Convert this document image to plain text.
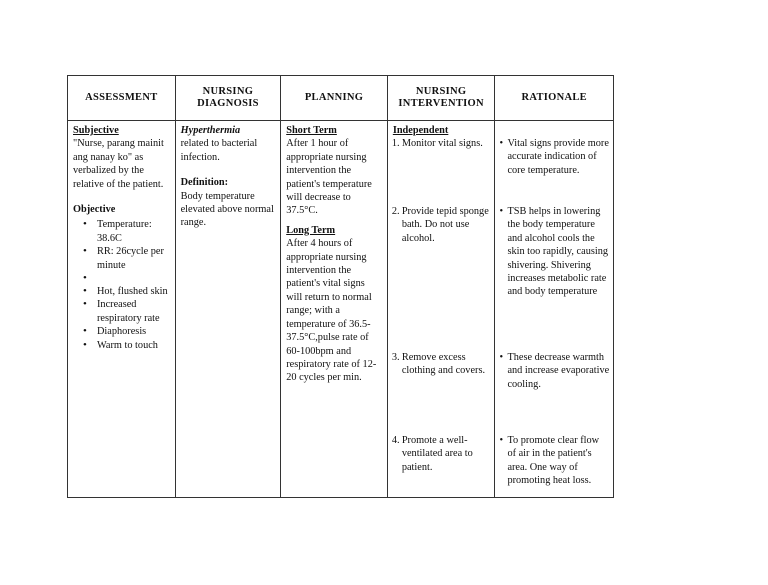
ASSESSMENT
Subjective
"Nurse, parang mainit ang nanay ko" as verbalized by the relative of the patient.
Objective
• Temperature: 38.6C
• RR: 26cycle per minute
•
• Hot, flushed skin
• Increased respiratory rate
• Diaphoresis
• Warm to touch
NURSING
DIAGNOSIS
Hyperthermia
related to bacterial infection.
Definition:
Body temperature elevated above normal range.
PLANNING
Short Term
After 1 hour of appropriate nursing intervention the patient's temperature will decrease to 37.5°C.
Long Term
After 4 hours of appropriate nursing intervention the patient's vital signs will return to normal range; with a temperature of 36.5-37.5°C,pulse rate of 60-100bpm and respiratory rate of 12-20 cycles per min.
NURSING
INTERVENTION
Independent
1. Monitor vital signs.
2. Provide tepid sponge bath. Do not use alcohol.
3. Remove excess clothing and covers.
4. Promote a well-ventilated area to patient.
RATIONALE
• Vital signs provide more accurate indication of core temperature.
• TSB helps in lowering the body temperature and alcohol cools the skin too rapidly, causing shivering. Shivering increases metabolic rate and body temperature
• These decrease warmth and increase evaporative cooling.
• To promote clear flow of air in the patient's area. One way of promoting heat loss.
